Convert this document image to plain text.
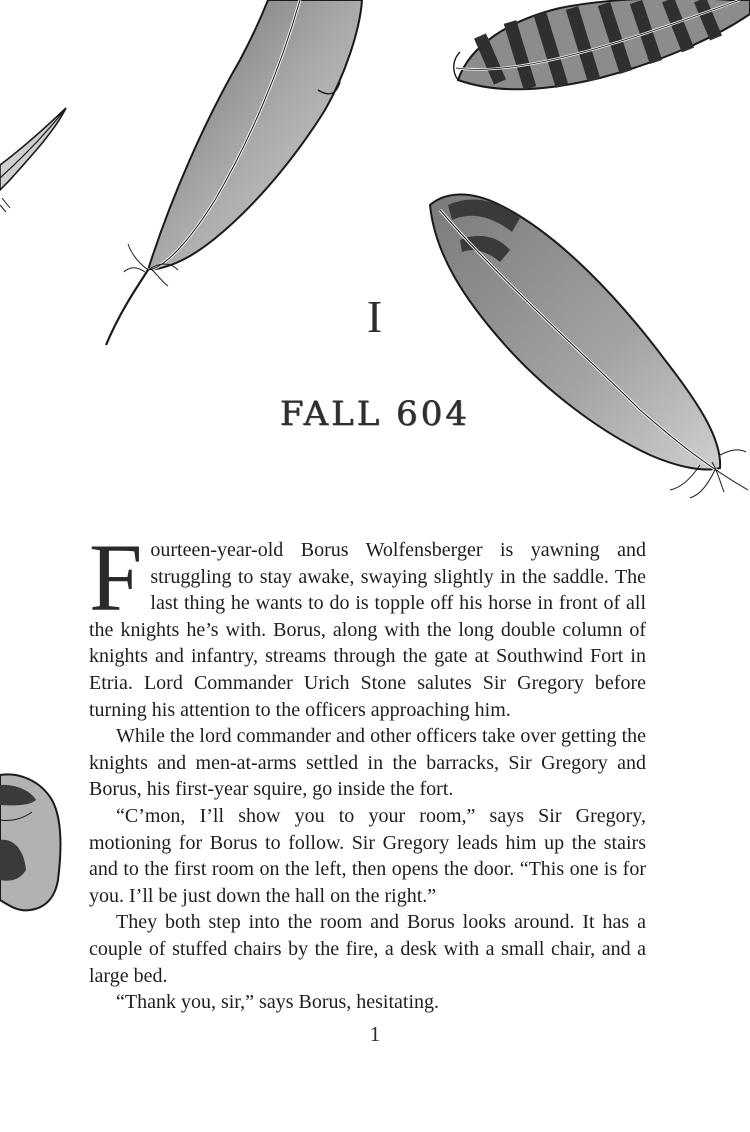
I
FALL 604

Fourteen-year-old Borus Wolfensberger is yawning and struggling to stay awake, swaying slightly in the saddle. The last thing he wants to do is topple off his horse in front of all the knights he’s with. Borus, along with the long double column of knights and infantry, streams through the gate at Southwind Fort in Etria. Lord Commander Urich Stone salutes Sir Gregory before turning his attention to the officers approaching him.

While the lord commander and other officers take over getting the knights and men-at-arms settled in the barracks, Sir Gregory and Borus, his first-year squire, go inside the fort.

“C’mon, I’ll show you to your room,” says Sir Gregory, motioning for Borus to follow. Sir Gregory leads him up the stairs and to the first room on the left, then opens the door. “This one is for you. I’ll be just down the hall on the right.”

They both step into the room and Borus looks around. It has a couple of stuffed chairs by the fire, a desk with a small chair, and a large bed.

“Thank you, sir,” says Borus, hesitating.

1
